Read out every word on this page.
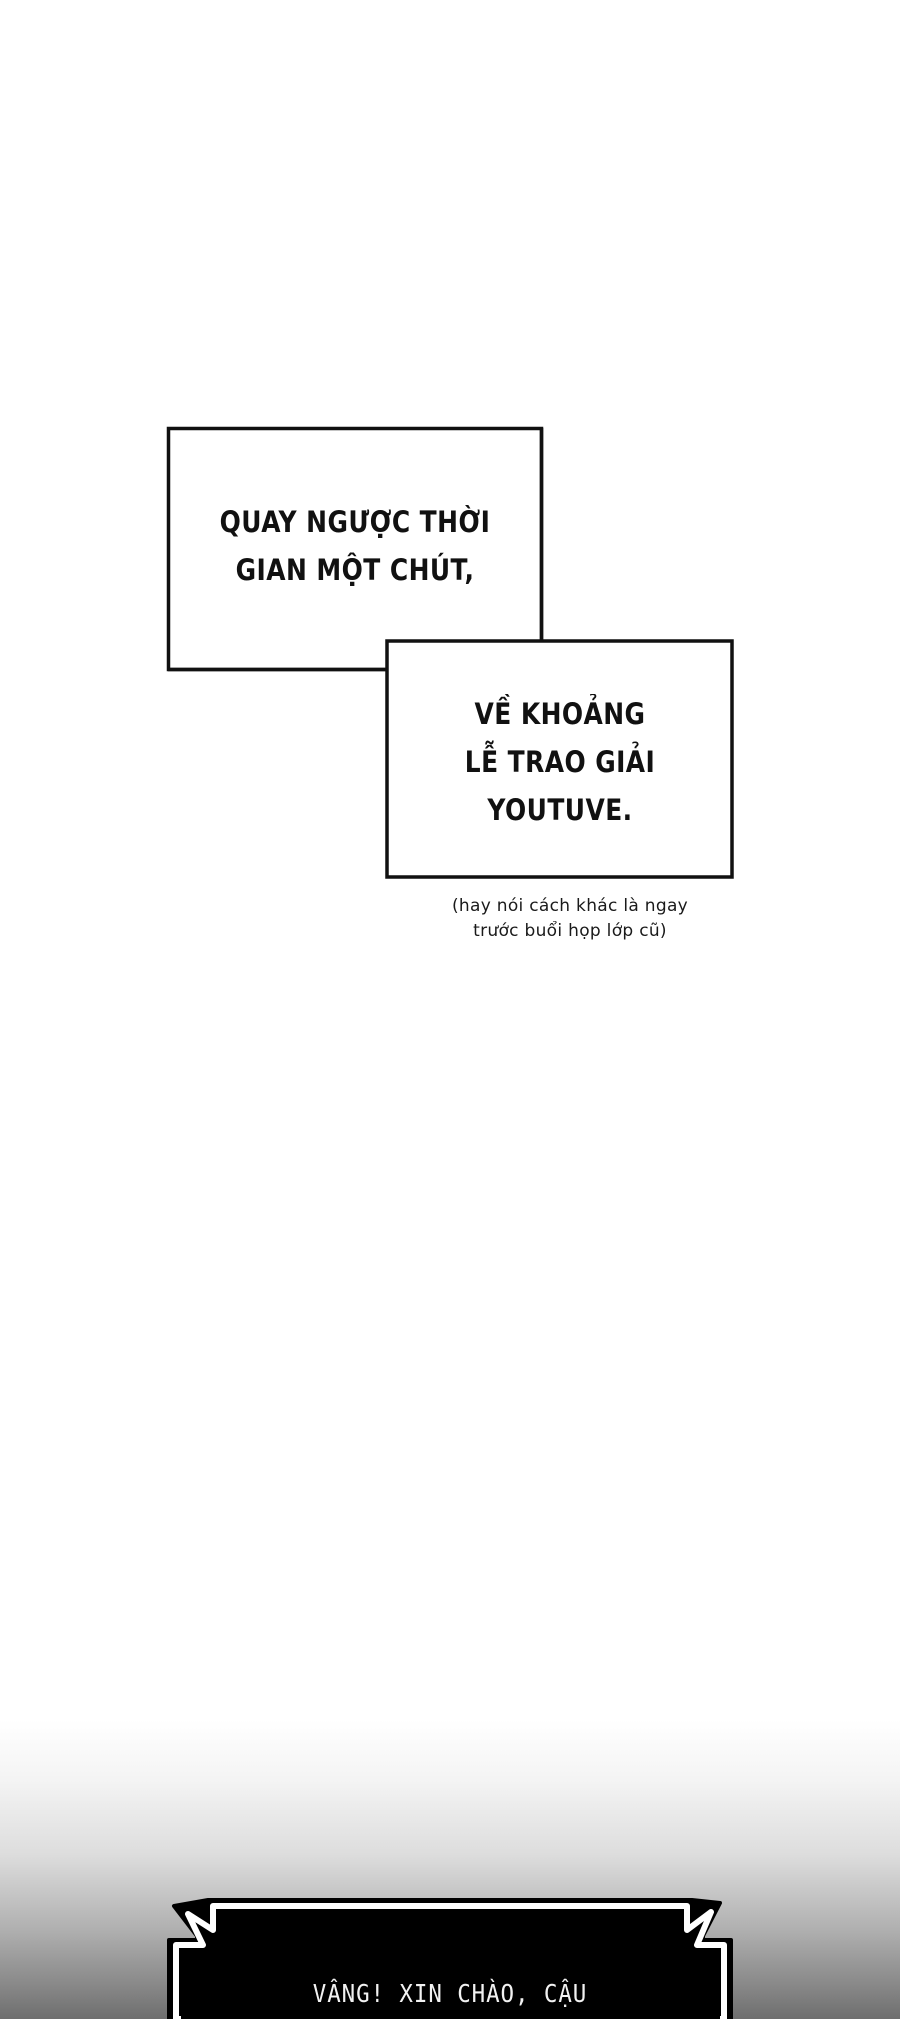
QUAY NGƯỢC THỜI
GIAN MỘT CHÚT,
VỀ KHOẢNG
LỄ TRAO GIẢI
YOUTUVE.
(hay nói cách khác là ngay
trước buổi họp lớp cũ)
VÂNG! XIN CHÀO, CẬU
